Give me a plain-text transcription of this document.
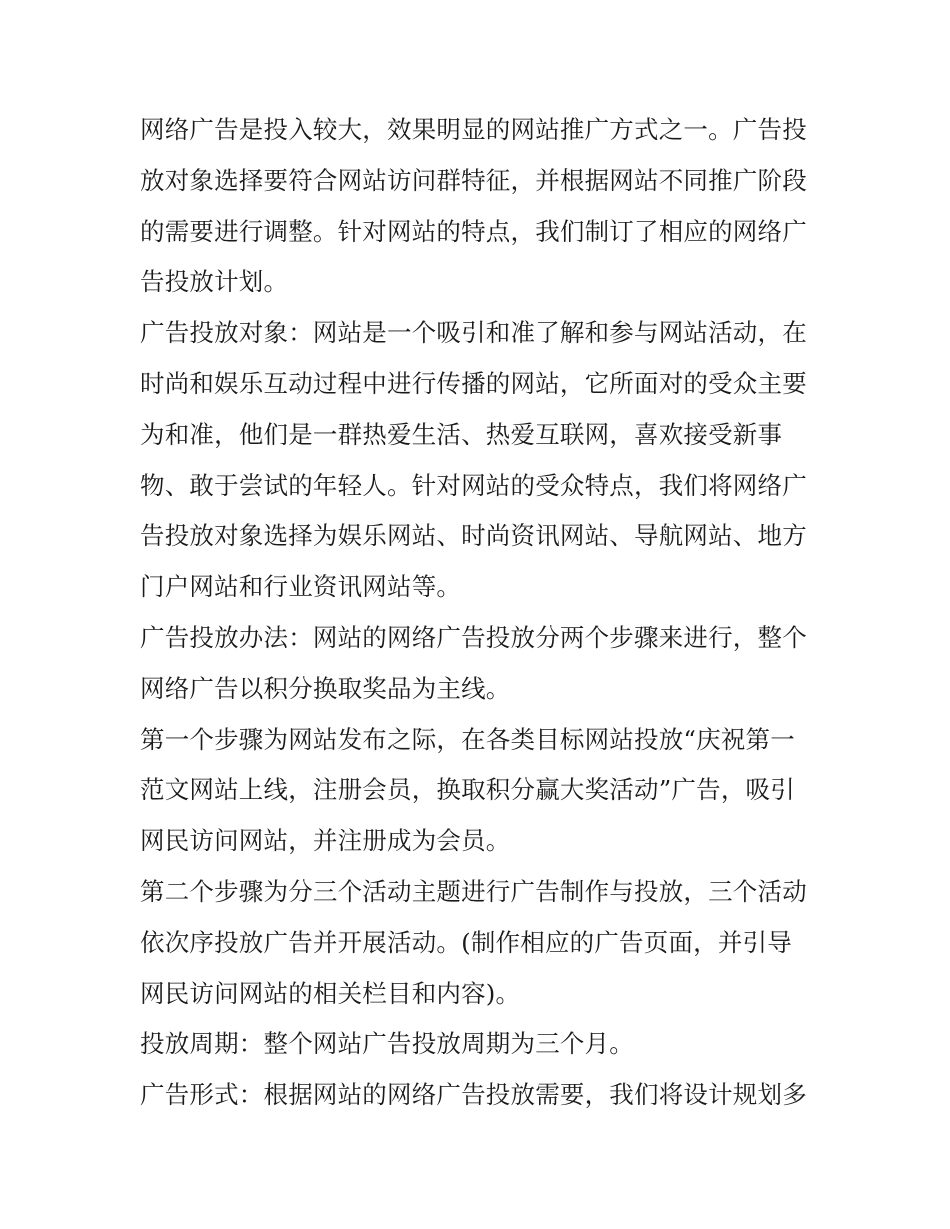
网络广告是投入较大，效果明显的网站推广方式之一。广告投
放对象选择要符合网站访问群特征，并根据网站不同推广阶段
的需要进行调整。针对网站的特点，我们制订了相应的网络广
告投放计划。
广告投放对象：网站是一个吸引和准了解和参与网站活动，在
时尚和娱乐互动过程中进行传播的网站，它所面对的受众主要
为和准，他们是一群热爱生活、热爱互联网，喜欢接受新事
物、敢于尝试的年轻人。针对网站的受众特点，我们将网络广
告投放对象选择为娱乐网站、时尚资讯网站、导航网站、地方
门户网站和行业资讯网站等。
广告投放办法：网站的网络广告投放分两个步骤来进行，整个
网络广告以积分换取奖品为主线。
第一个步骤为网站发布之际，在各类目标网站投放“庆祝第一
范文网站上线，注册会员，换取积分赢大奖活动”广告，吸引
网民访问网站，并注册成为会员。
第二个步骤为分三个活动主题进行广告制作与投放，三个活动
依次序投放广告并开展活动。(制作相应的广告页面，并引导
网民访问网站的相关栏目和内容)。
投放周期：整个网站广告投放周期为三个月。
广告形式：根据网站的网络广告投放需要，我们将设计规划多
